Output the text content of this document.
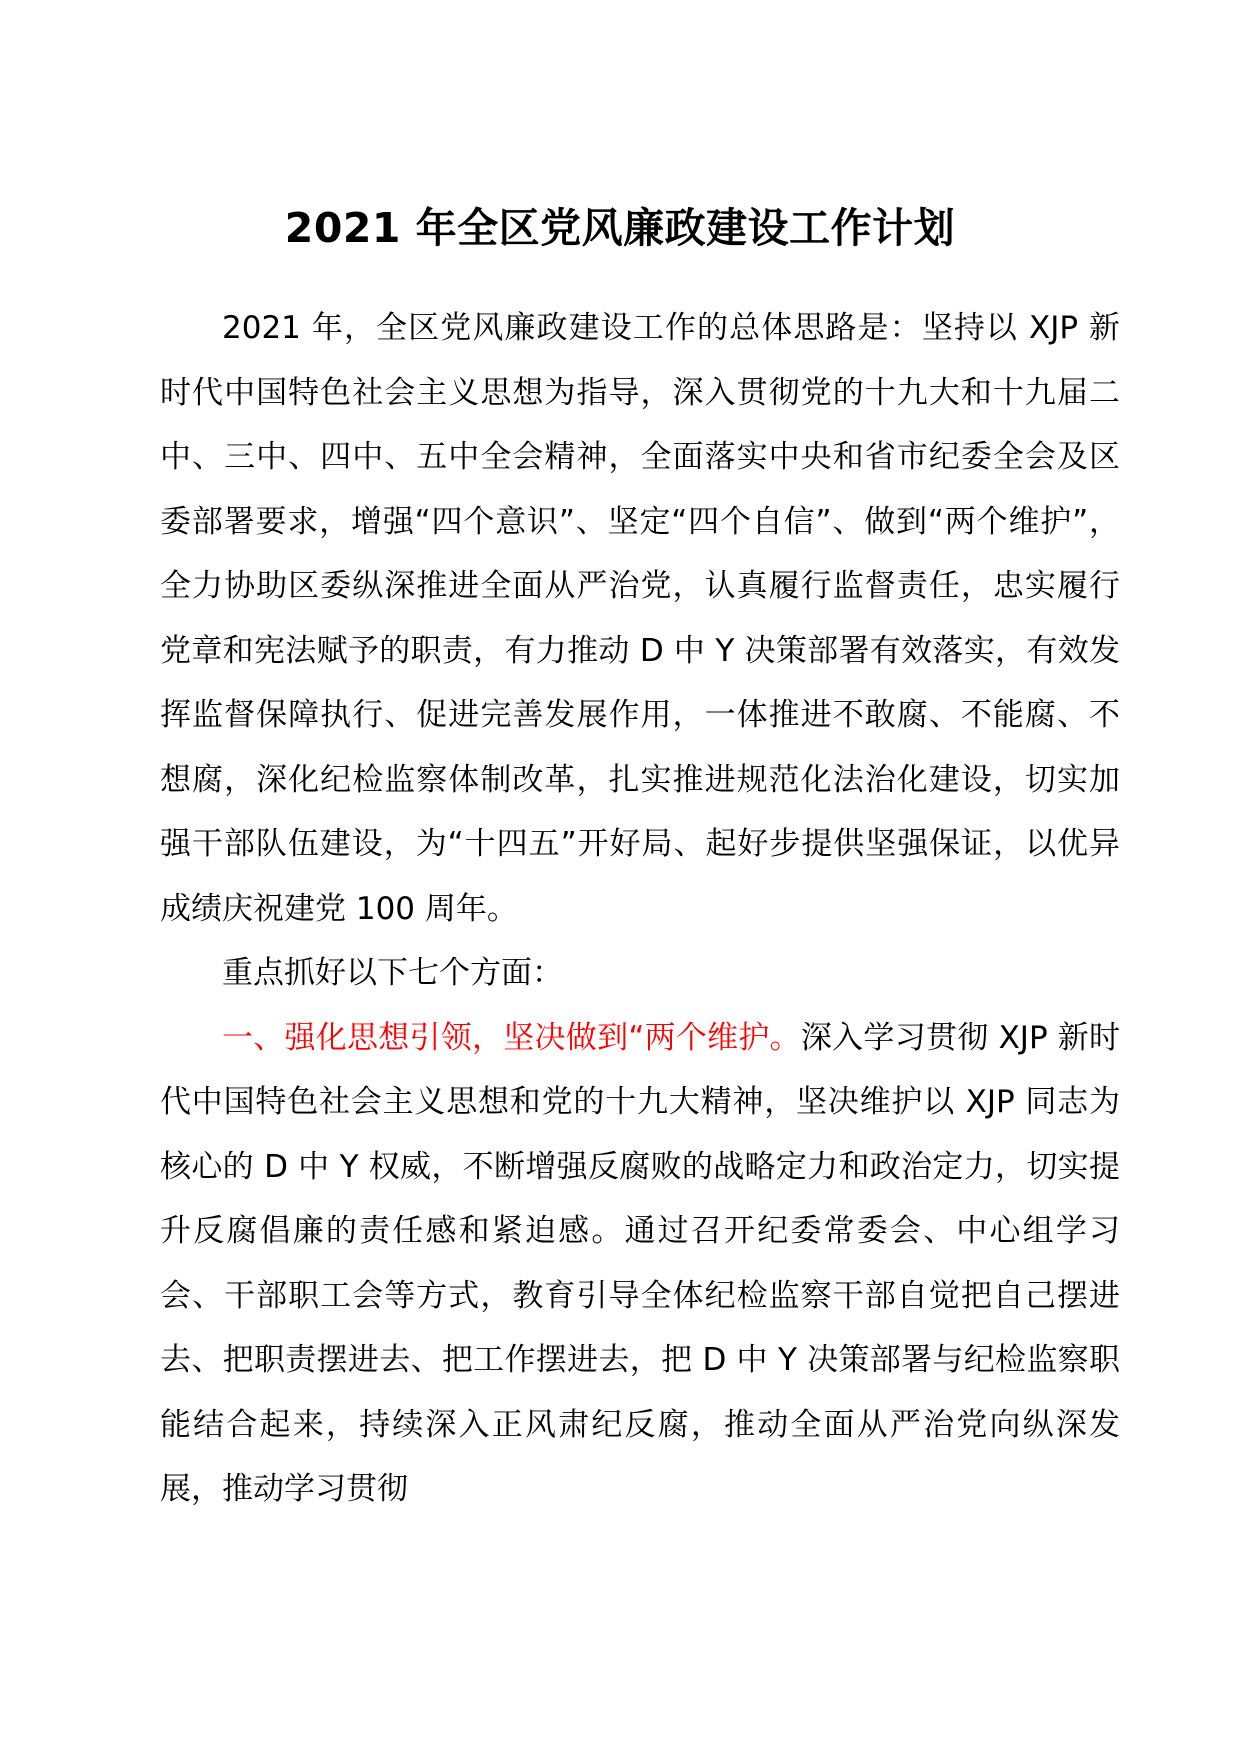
2021 年全区党风廉政建设工作计划

2021 年，全区党风廉政建设工作的总体思路是：坚持以 XJP 新时代中国特色社会主义思想为指导，深入贯彻党的十九大和十九届二中、三中、四中、五中全会精神，全面落实中央和省市纪委全会及区委部署要求，增强“四个意识”、坚定“四个自信”、做到“两个维护”，全力协助区委纵深推进全面从严治党，认真履行监督责任，忠实履行党章和宪法赋予的职责，有力推动 D 中 Y 决策部署有效落实，有效发挥监督保障执行、促进完善发展作用，一体推进不敢腐、不能腐、不想腐，深化纪检监察体制改革，扎实推进规范化法治化建设，切实加强干部队伍建设，为“十四五”开好局、起好步提供坚强保证，以优异成绩庆祝建党 100 周年。

重点抓好以下七个方面：

一、强化思想引领，坚决做到“两个维护。深入学习贯彻 XJP 新时代中国特色社会主义思想和党的十九大精神，坚决维护以 XJP 同志为核心的 D 中 Y 权威，不断增强反腐败的战略定力和政治定力，切实提升反腐倡廉的责任感和紧迫感。通过召开纪委常委会、中心组学习会、干部职工会等方式，教育引导全体纪检监察干部自觉把自己摆进去、把职责摆进去、把工作摆进去，把 D 中 Y 决策部署与纪检监察职能结合起来，持续深入正风肃纪反腐，推动全面从严治党向纵深发展，推动学习贯彻
